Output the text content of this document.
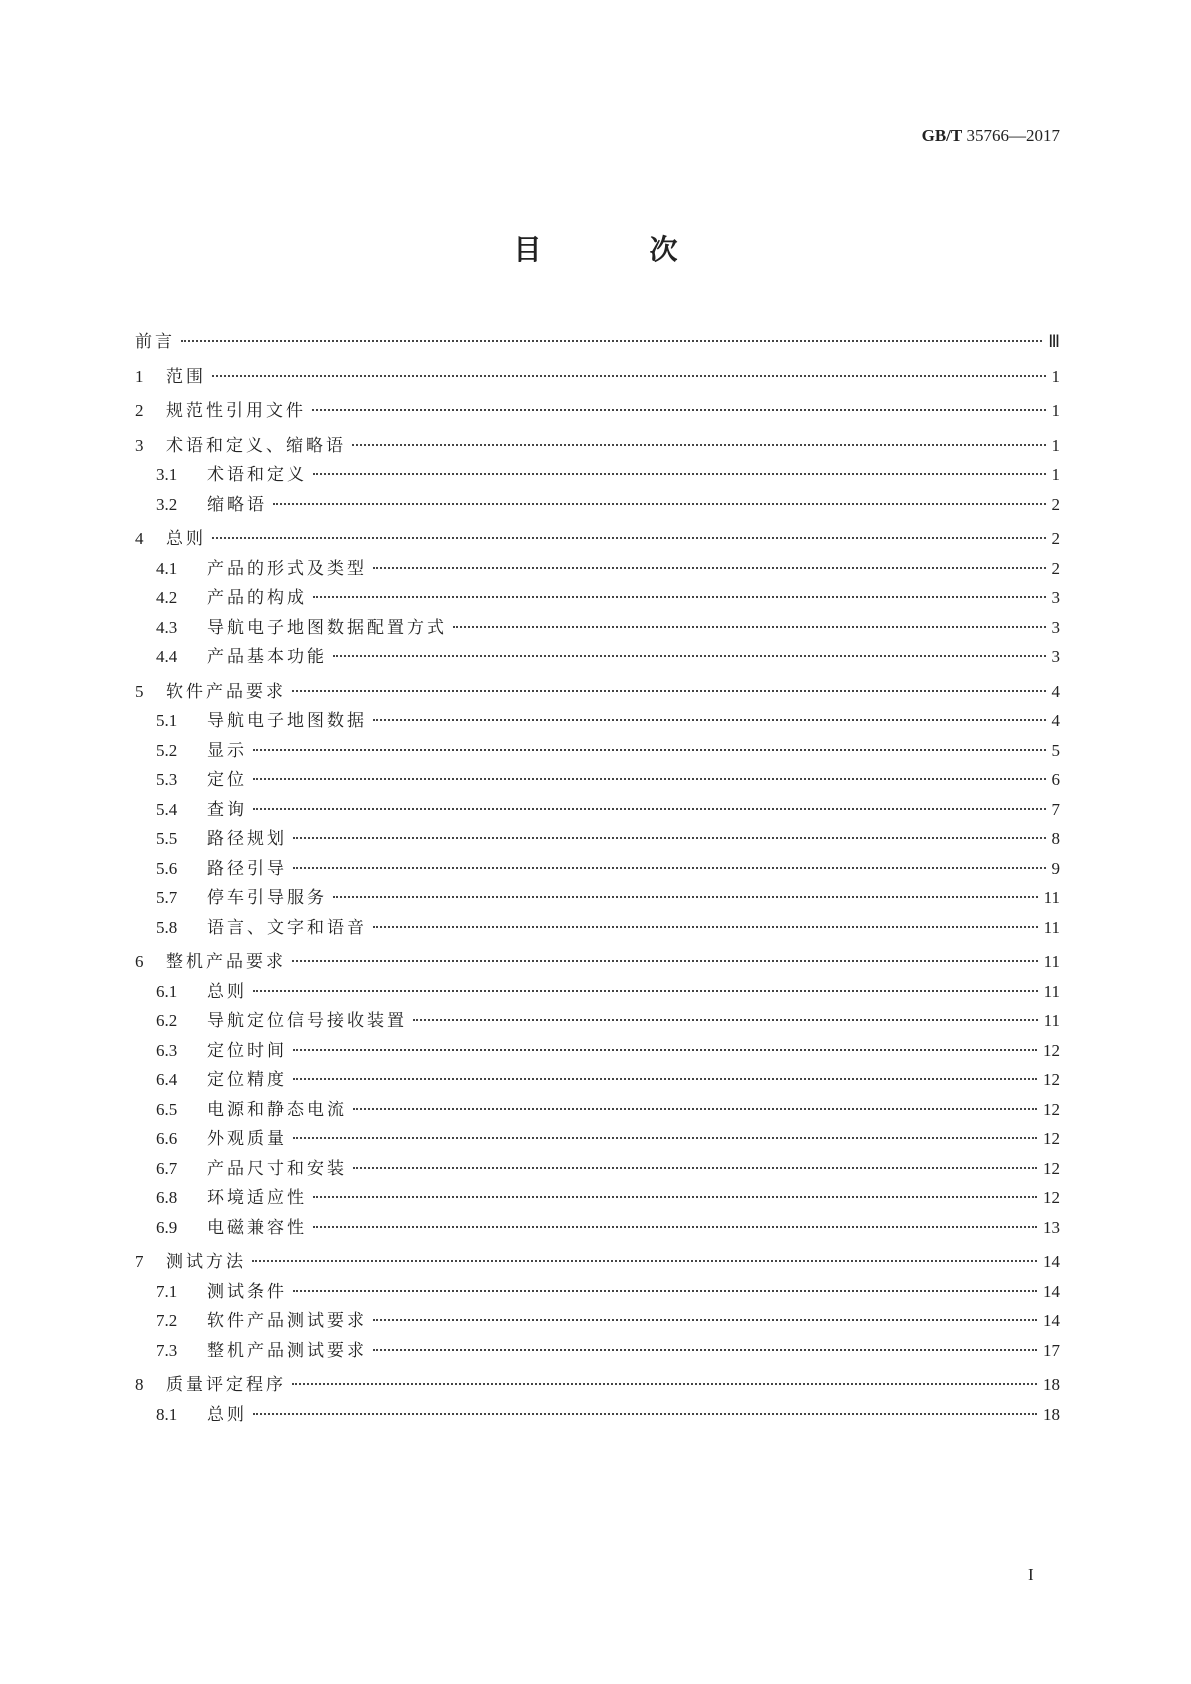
GB/T 35766—2017
目　次
前言	Ⅲ
1	范围	1
2	规范性引用文件	1
3	术语和定义、缩略语	1
3.1	术语和定义	1
3.2	缩略语	2
4	总则	2
4.1	产品的形式及类型	2
4.2	产品的构成	3
4.3	导航电子地图数据配置方式	3
4.4	产品基本功能	3
5	软件产品要求	4
5.1	导航电子地图数据	4
5.2	显示	5
5.3	定位	6
5.4	查询	7
5.5	路径规划	8
5.6	路径引导	9
5.7	停车引导服务	11
5.8	语言、文字和语音	11
6	整机产品要求	11
6.1	总则	11
6.2	导航定位信号接收装置	11
6.3	定位时间	12
6.4	定位精度	12
6.5	电源和静态电流	12
6.6	外观质量	12
6.7	产品尺寸和安装	12
6.8	环境适应性	12
6.9	电磁兼容性	13
7	测试方法	14
7.1	测试条件	14
7.2	软件产品测试要求	14
7.3	整机产品测试要求	17
8	质量评定程序	18
8.1	总则	18
I
